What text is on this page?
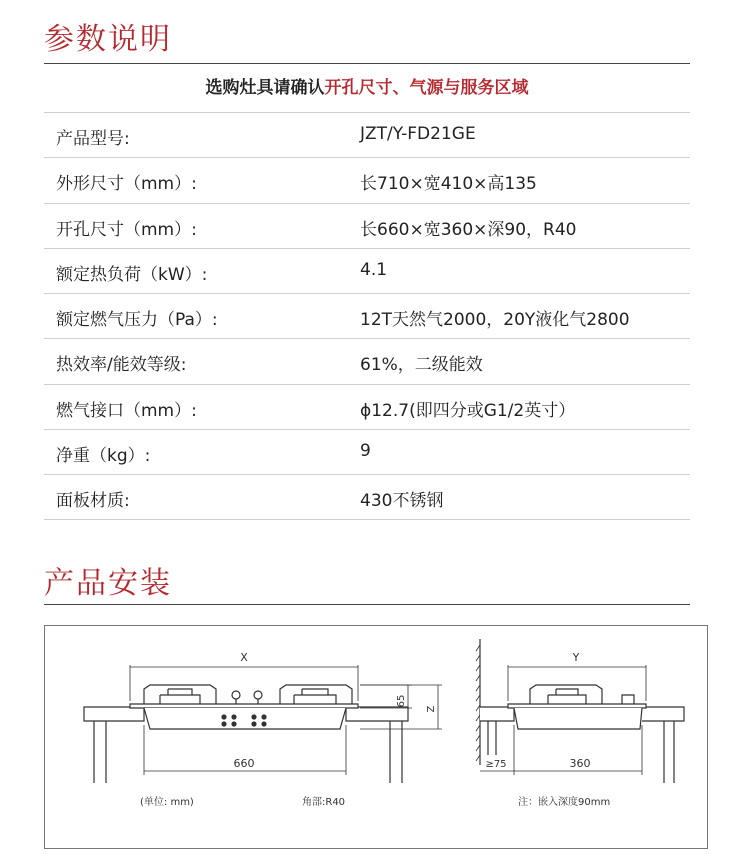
参数说明
选购灶具请确认开孔尺寸、气源与服务区域
产品型号:	JZT/Y-FD21GE
外形尺寸（mm）:	长710×宽410×高135
开孔尺寸（mm）:	长660×宽360×深90，R40
额定热负荷（kW）:	4.1
额定燃气压力（Pa）:	12T天然气2000，20Y液化气2800
热效率/能效等级:	61%，二级能效
燃气接口（mm）:	ϕ12.7(即四分或G1/2英寸）
净重（kg）:	9
面板材质:	430不锈钢
产品安装
X
660
65
Z
(单位: mm)	角部:R40
Y
360
≥75
注：嵌入深度90mm
